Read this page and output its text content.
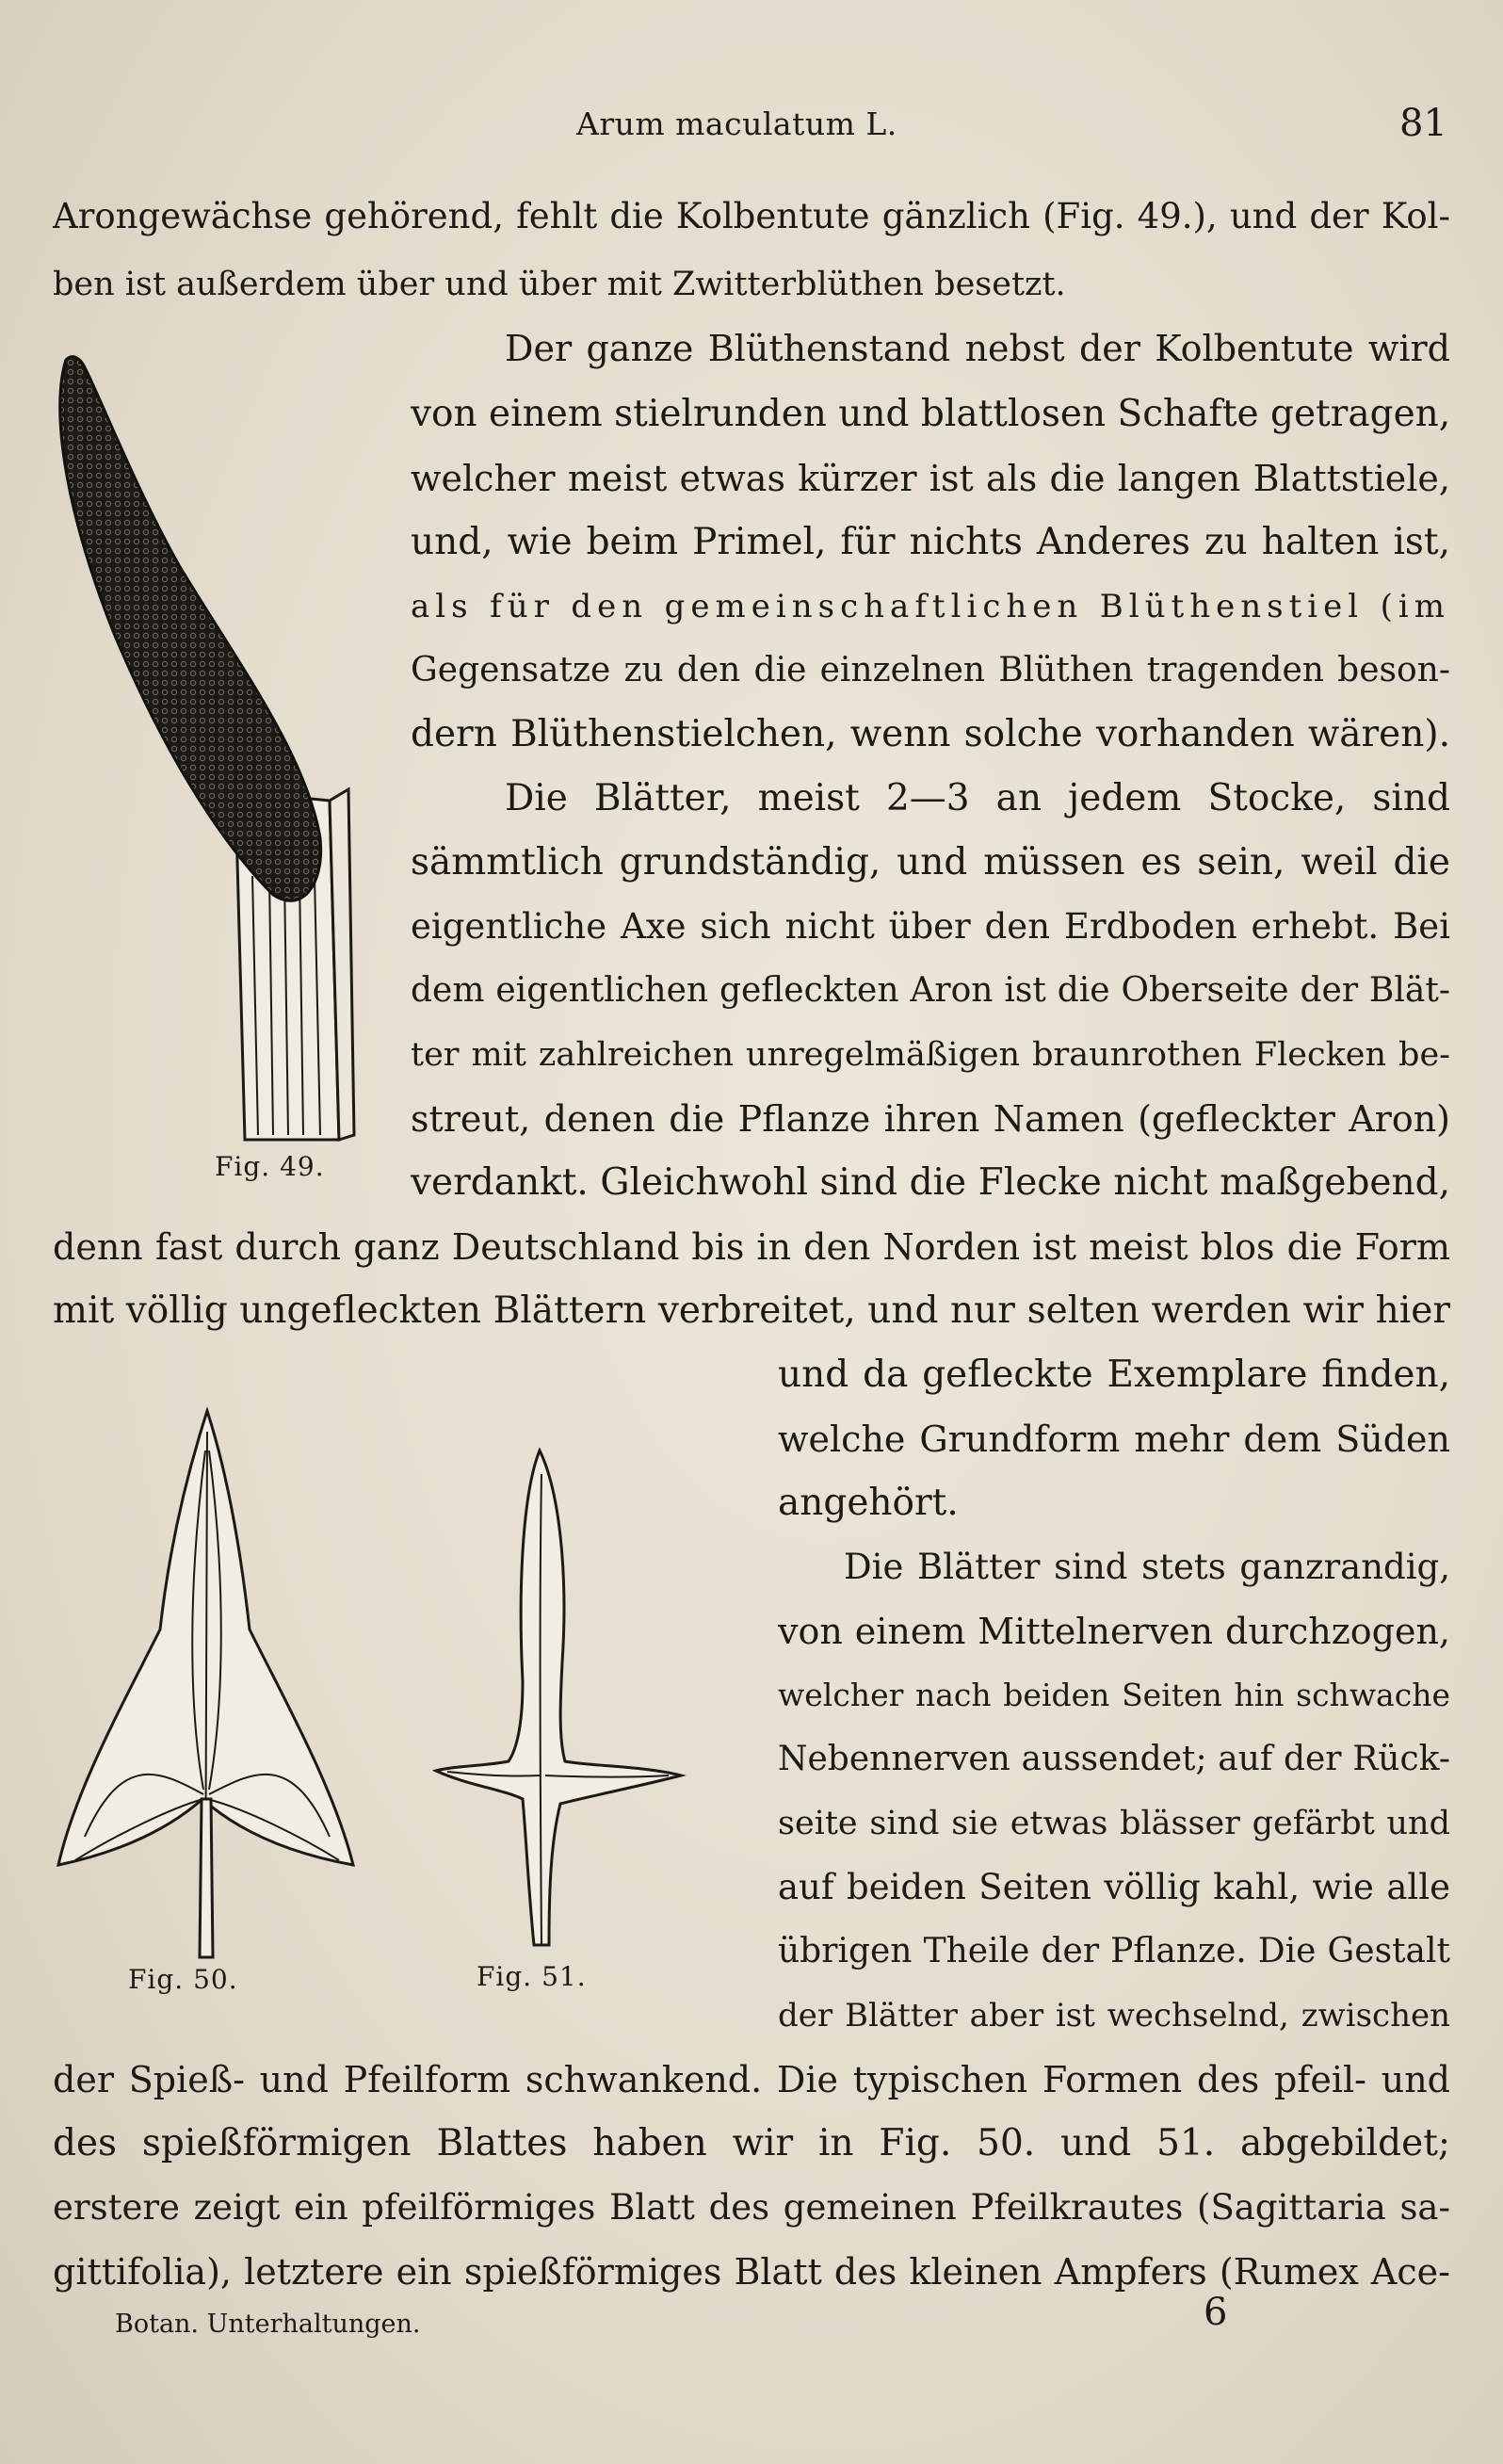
Arum maculatum L.	81
Arongewächse gehörend, fehlt die Kolbentute gänzlich (Fig. 49.), und der Kol-
ben ist außerdem über und über mit Zwitterblüthen besetzt.
Der ganze Blüthenstand nebst der Kolbentute wird
von einem stielrunden und blattlosen Schafte getragen,
welcher meist etwas kürzer ist als die langen Blattstiele,
und, wie beim Primel, für nichts Anderes zu halten ist,
als für den gemeinschaftlichen Blüthenstiel (im
Gegensatze zu den die einzelnen Blüthen tragenden beson-
dern Blüthenstielchen, wenn solche vorhanden wären).
Die Blätter, meist 2—3 an jedem Stocke, sind
sämmtlich grundständig, und müssen es sein, weil die
eigentliche Axe sich nicht über den Erdboden erhebt. Bei
dem eigentlichen gefleckten Aron ist die Oberseite der Blät-
ter mit zahlreichen unregelmäßigen braunrothen Flecken be-
streut, denen die Pflanze ihren Namen (gefleckter Aron)
verdankt. Gleichwohl sind die Flecke nicht maßgebend,
denn fast durch ganz Deutschland bis in den Norden ist meist blos die Form
mit völlig ungefleckten Blättern verbreitet, und nur selten werden wir hier
und da gefleckte Exemplare finden,
welche Grundform mehr dem Süden
angehört.
Die Blätter sind stets ganzrandig,
von einem Mittelnerven durchzogen,
welcher nach beiden Seiten hin schwache
Nebennerven aussendet; auf der Rück-
seite sind sie etwas blässer gefärbt und
auf beiden Seiten völlig kahl, wie alle
übrigen Theile der Pflanze. Die Gestalt
der Blätter aber ist wechselnd, zwischen
der Spieß- und Pfeilform schwankend. Die typischen Formen des pfeil- und
des spießförmigen Blattes haben wir in Fig. 50. und 51. abgebildet;
erstere zeigt ein pfeilförmiges Blatt des gemeinen Pfeilkrautes (Sagittaria sa-
gittifolia), letztere ein spießförmiges Blatt des kleinen Ampfers (Rumex Ace-
Fig. 49.
Fig. 50.	Fig. 51.
Botan. Unterhaltungen.	6
